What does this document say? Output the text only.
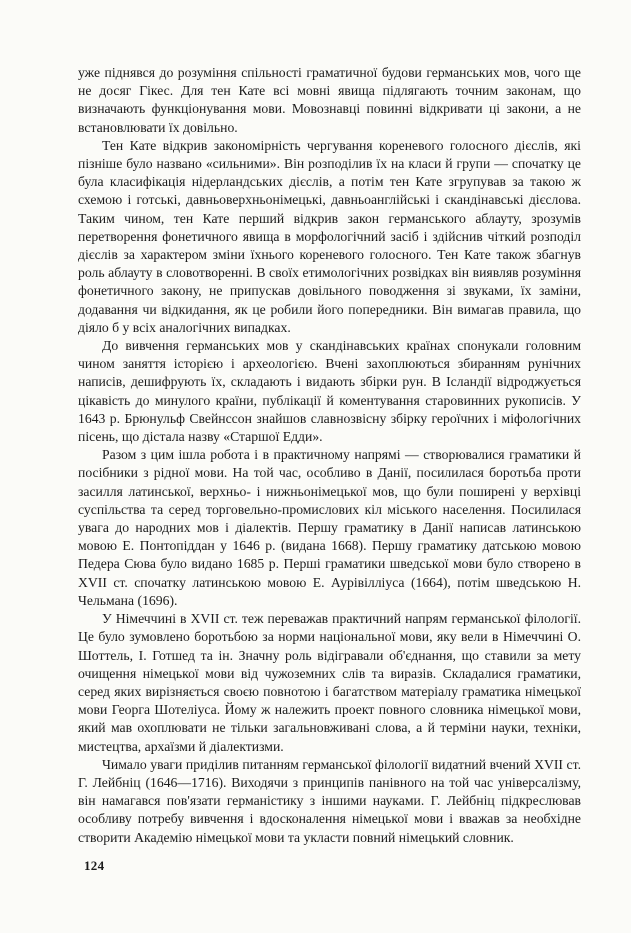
уже піднявся до розуміння спільності граматичної будови германських мов, чого ще не досяг Гікес. Для тен Кате всі мовні явища підлягають точним законам, що визначають функціонування мови. Мовознавці повинні відкривати ці закони, а не встановлювати їх довільно.

Тен Кате відкрив закономірність чергування кореневого голосного дієслів, які пізніше було названо «сильними». Він розподілив їх на класи й групи — спочатку це була класифікація нідерландських дієслів, а потім тен Кате згрупував за такою ж схемою і готські, давньоверхньонімецькі, давньоанглійські і скандінавські дієслова. Таким чином, тен Кате перший відкрив закон германського аблауту, зрозумів перетворення фонетичного явища в морфологічний засіб і здійснив чіткий розподіл дієслів за характером зміни їхнього кореневого голосного. Тен Кате також збагнув роль аблауту в словотворенні. В своїх етимологічних розвідках він виявляв розуміння фонетичного закону, не припускав довільного поводження зі звуками, їх заміни, додавання чи відкидання, як це робили його попередники. Він вимагав правила, що діяло б у всіх аналогічних випадках.

До вивчення германських мов у скандінавських країнах спонукали головним чином заняття історією і археологією. Вчені захоплюються збиранням рунічних написів, дешифрують їх, складають і видають збірки рун. В Ісландії відроджується цікавість до минулого країни, публікації й коментування старовинних рукописів. У 1643 р. Брюнульф Свейнссон знайшов славнозвісну збірку героїчних і міфологічних пісень, що дістала назву «Старшої Едди».

Разом з цим ішла робота і в практичному напрямі — створювалися граматики й посібники з рідної мови. На той час, особливо в Данії, посилилася боротьба проти засилля латинської, верхньо- і нижньонімецької мов, що були поширені у верхівці суспільства та серед торговельно-промислових кіл міського населення. Посилилася увага до народних мов і діалектів. Першу граматику в Данії написав латинською мовою Е. Понтопіддан у 1646 р. (видана 1668). Першу граматику датською мовою Педера Сюва було видано 1685 р. Перші граматики шведської мови було створено в XVII ст. спочатку латинською мовою Е. Аурівілліуса (1664), потім шведською Н. Чельмана (1696).

У Німеччині в XVII ст. теж переважав практичний напрям германської філології. Це було зумовлено боротьбою за норми національної мови, яку вели в Німеччині О. Шоттель, І. Готшед та ін. Значну роль відігравали об'єднання, що ставили за мету очищення німецької мови від чужоземних слів та виразів. Складалися граматики, серед яких вирізняється своєю повнотою і багатством матеріалу граматика німецької мови Георга Шотеліуса. Йому ж належить проект повного словника німецької мови, який мав охоплювати не тільки загальновживані слова, а й терміни науки, техніки, мистецтва, архаїзми й діалектизми.

Чимало уваги приділив питанням германської філології видатний вчений XVII ст. Г. Лейбніц (1646—1716). Виходячи з принципів панівного на той час універсалізму, він намагався пов'язати германістику з іншими науками. Г. Лейбніц підкреслював особливу потребу вивчення і вдосконалення німецької мови і вважав за необхідне створити Академію німецької мови та укласти повний німецький словник.

124
